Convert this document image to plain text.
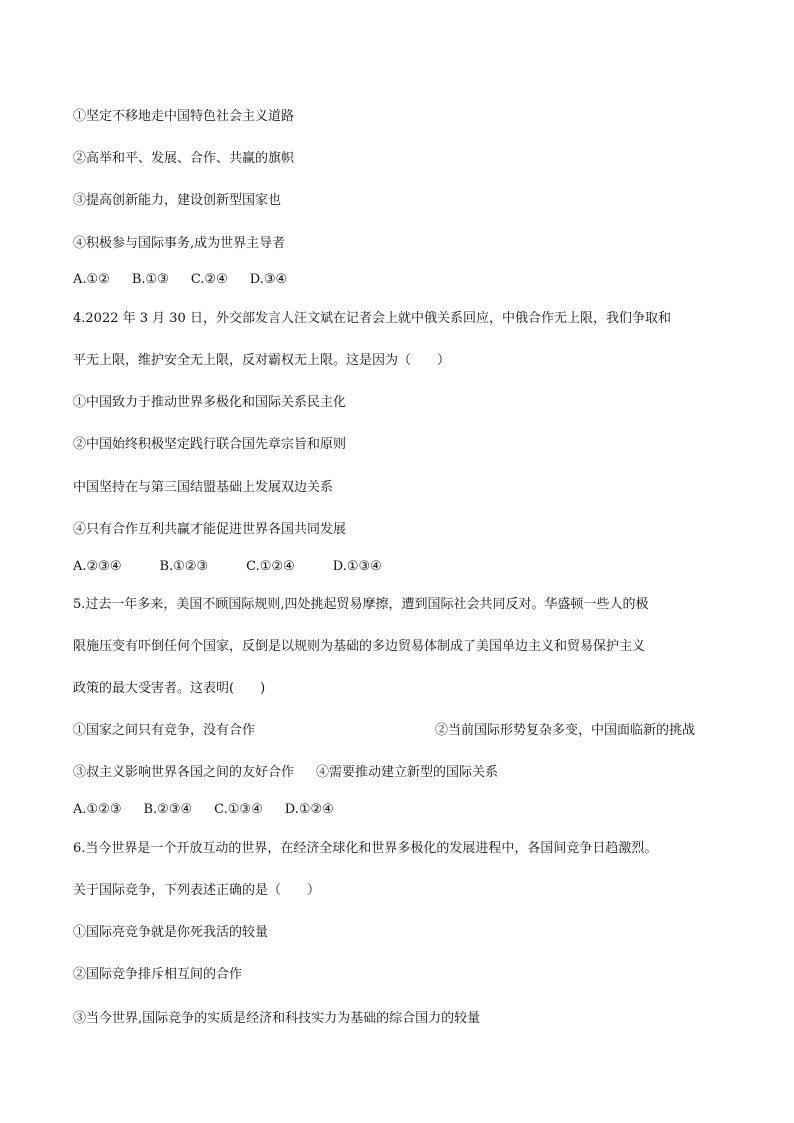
①坚定不移地走中国特色社会主义道路
②高举和平、发展、合作、共赢的旗帜
③提高创新能力，建设创新型国家也
④积极参与国际事务,成为世界主导者
A.①② B.①③ C.②④ D.③④
4.2022 年 3 月 30 日，外交部发言人汪文斌在记者会上就中俄关系回应，中俄合作无上限，我们争取和
平无上限，维护安全无上限，反对霸权无上限。这是因为（　　）
①中国致力于推动世界多极化和国际关系民主化
②中国始终积极坚定践行联合国先章宗旨和原则
中国坚持在与第三国结盟基础上发展双边关系
④只有合作互利共赢才能促进世界各国共同发展
A.②③④	B.①②③	C.①②④	D.①③④
5.过去一年多来，美国不顾国际规则,四处挑起贸易摩擦，遭到国际社会共同反对。华盛顿一些人的极
限施压变有吓倒任何个国家，反倒是以规则为基础的多边贸易体制成了美国单边主义和贸易保护主义
政策的最大受害者。这表明(　　)
①国家之间只有竞争，没有合作	②当前国际形势复杂多变，中国面临新的挑战
③叔主义影响世界各国之间的友好合作 ④需要推动建立新型的国际关系
A.①②③ B.②③④ C.①③④ D.①②④
6.当今世界是一个开放互动的世界，在经济全球化和世界多极化的发展进程中，各国间竞争日趋激烈。
关于国际竞争，下列表述正确的是（　　）
①国际亮竞争就是你死我活的较量
②国际竞争排斥相互间的合作
③当今世界,国际竞争的实质是经济和科技实力为基础的综合国力的较量
